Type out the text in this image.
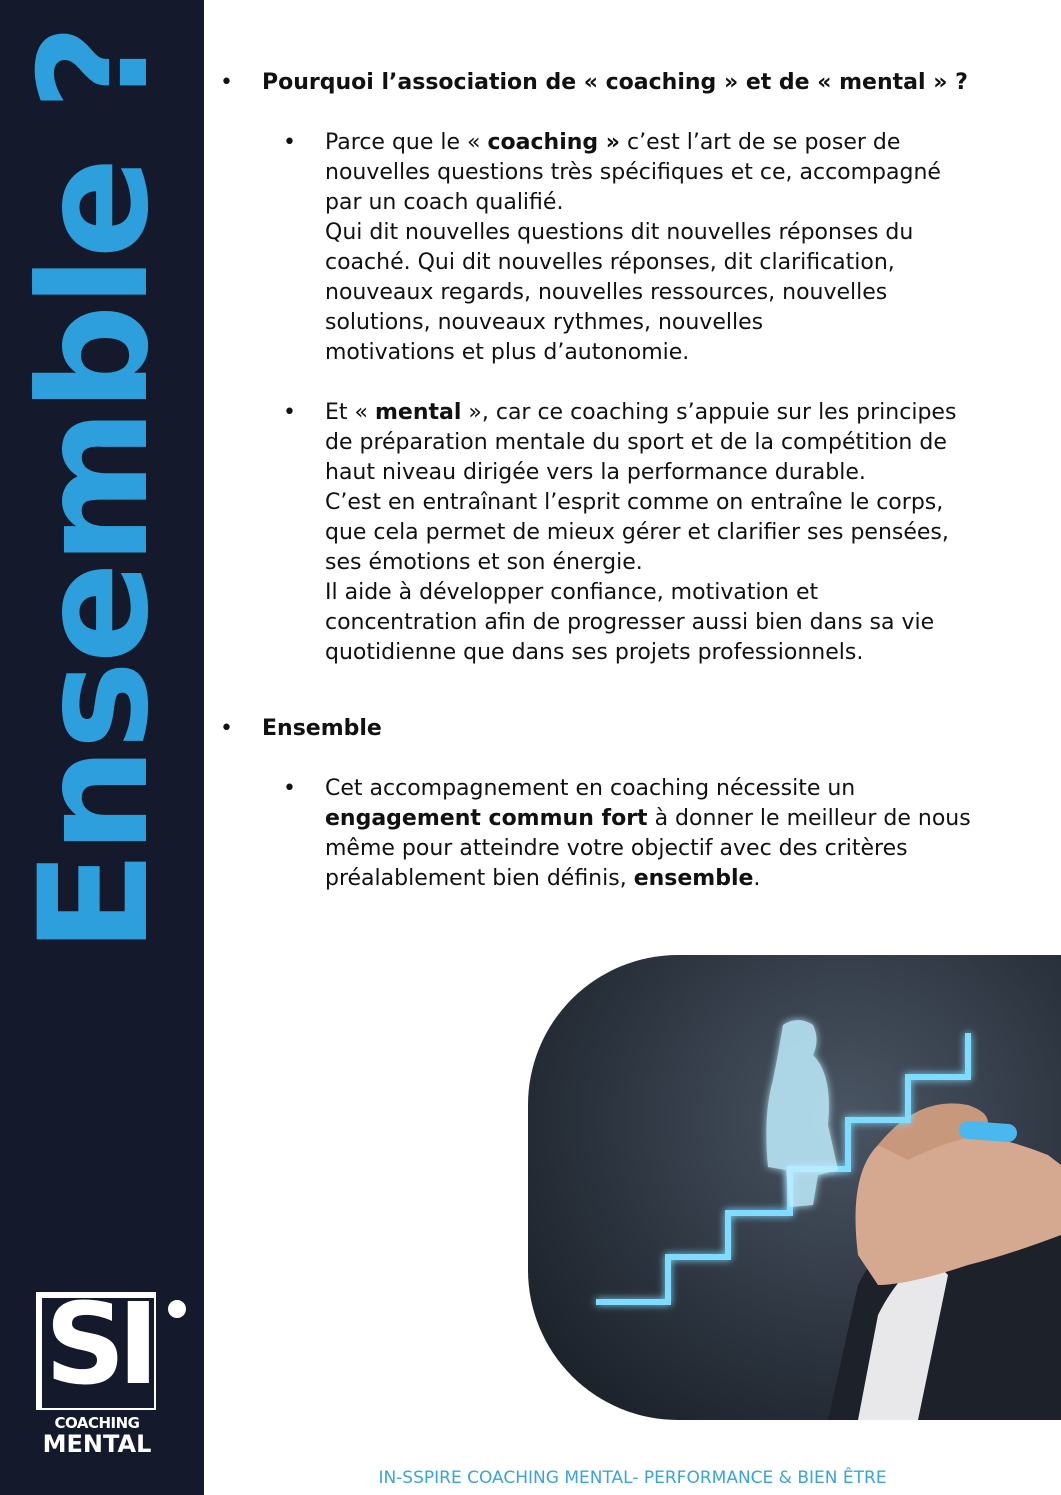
Ensemble ?
SI
COACHING
MENTAL
•	Pourquoi l’association de « coaching » et de « mental » ?
• Parce que le « coaching » c’est l’art de se poser de
nouvelles questions très spécifiques et ce, accompagné
par un coach qualifié.
Qui dit nouvelles questions dit nouvelles réponses du
coaché. Qui dit nouvelles réponses, dit clarification,
nouveaux regards, nouvelles ressources, nouvelles
solutions, nouveaux rythmes, nouvelles
motivations et plus d’autonomie.

• Et « mental », car ce coaching s’appuie sur les principes
de préparation mentale du sport et de la compétition de
haut niveau dirigée vers la performance durable.
C’est en entraînant l’esprit comme on entraîne le corps,
que cela permet de mieux gérer et clarifier ses pensées,
ses émotions et son énergie.
Il aide à développer confiance, motivation et
concentration afin de progresser aussi bien dans sa vie
quotidienne que dans ses projets professionnels.

•	Ensemble
• Cet accompagnement en coaching nécessite un
engagement commun fort à donner le meilleur de nous
même pour atteindre votre objectif avec des critères
préalablement bien définis, ensemble.

IN-SSPIRE COACHING MENTAL- PERFORMANCE & BIEN ÊTRE
